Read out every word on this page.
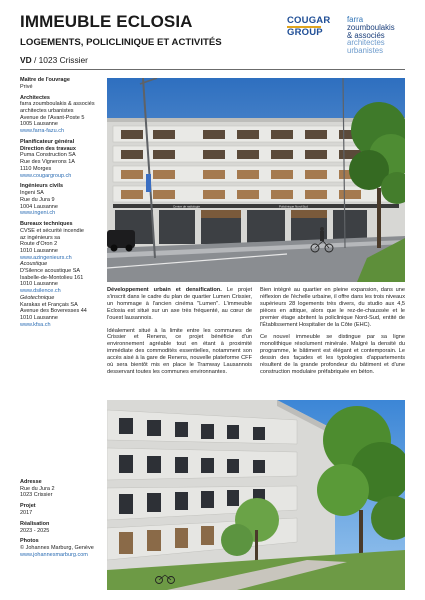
IMMEUBLE ECLOSIA
LOGEMENTS, POLICLINIQUE ET ACTIVITÉS
VD / 1023 Crissier
COUGAR
GROUP
farra
zoumboulakis
& associés
architectes
urbanistes
Maître de l'ouvrage
Privé
Architectes
farra zoumboulakis & associés
architectes urbanistes
Avenue de l'Avant-Poste 5
1005 Lausanne
www.farra-fazu.ch
Planificateur général
Direction des travaux
Puma Construction SA
Rue des Vignerons 1A
1110 Morges
www.cougargroup.ch
Ingénieurs civils
Ingeni SA
Rue du Jura 9
1004 Lausanne
www.ingeni.ch
Bureaux techniques
CVSE et sécurité incendie
az ingénieurs sa
Route d'Oron 2
1010 Lausanne
www.azingenieurs.ch
Acoustique
D'Silence acoustique SA
Isabelle-de-Montolieu 161
1010 Lausanne
www.dsilence.ch
Géotechnique
Karakas et Français SA
Avenue des Boveresses 44
1010 Lausanne
www.kfsa.ch
Centre de radiologie	Policlinique Nord-Sud

Développement urbain et densification. Le projet s'inscrit dans le cadre du plan de quartier Lumen Crissier, un hommage à l'ancien cinéma "Lumen". L'immeuble Eclosia est situé sur un axe très fréquenté, au cœur de l'ouest lausannois.

Idéalement situé à la limite entre les communes de Crissier et Renens, ce projet bénéficie d'un environnement agréable tout en étant à proximité immédiate des commodités essentielles, notamment son accès aisé à la gare de Renens, nouvelle plateforme CFF où sera bientôt mis en place le Tramway Lausannois desservant toutes les communes environnantes.

Bien intégré au quartier en pleine expansion, dans une réflexion de l'échelle urbaine, il offre dans les trois niveaux supérieurs 28 logements très divers, du studio aux 4,5 pièces en attique, alors que le rez-de-chaussée et le premier étage abritent la policlinique Nord-Sud, entité de l'Établissement Hospitalier de la Côte (EHC).

Ce nouvel immeuble se distingue par sa ligne monolithique résolument minérale. Malgré la densité du programme, le bâtiment est élégant et contemporain. Le dessin des façades et les typologies d'appartements résultent de la grande profondeur du bâtiment et d'une construction modulaire préfabriquée en béton.

Adresse
Rue du Jura 2
1023 Crissier
Projet
2017
Réalisation
2023 - 2025
Photos
© Johannes Marburg, Genève
www.johannesmarburg.com
